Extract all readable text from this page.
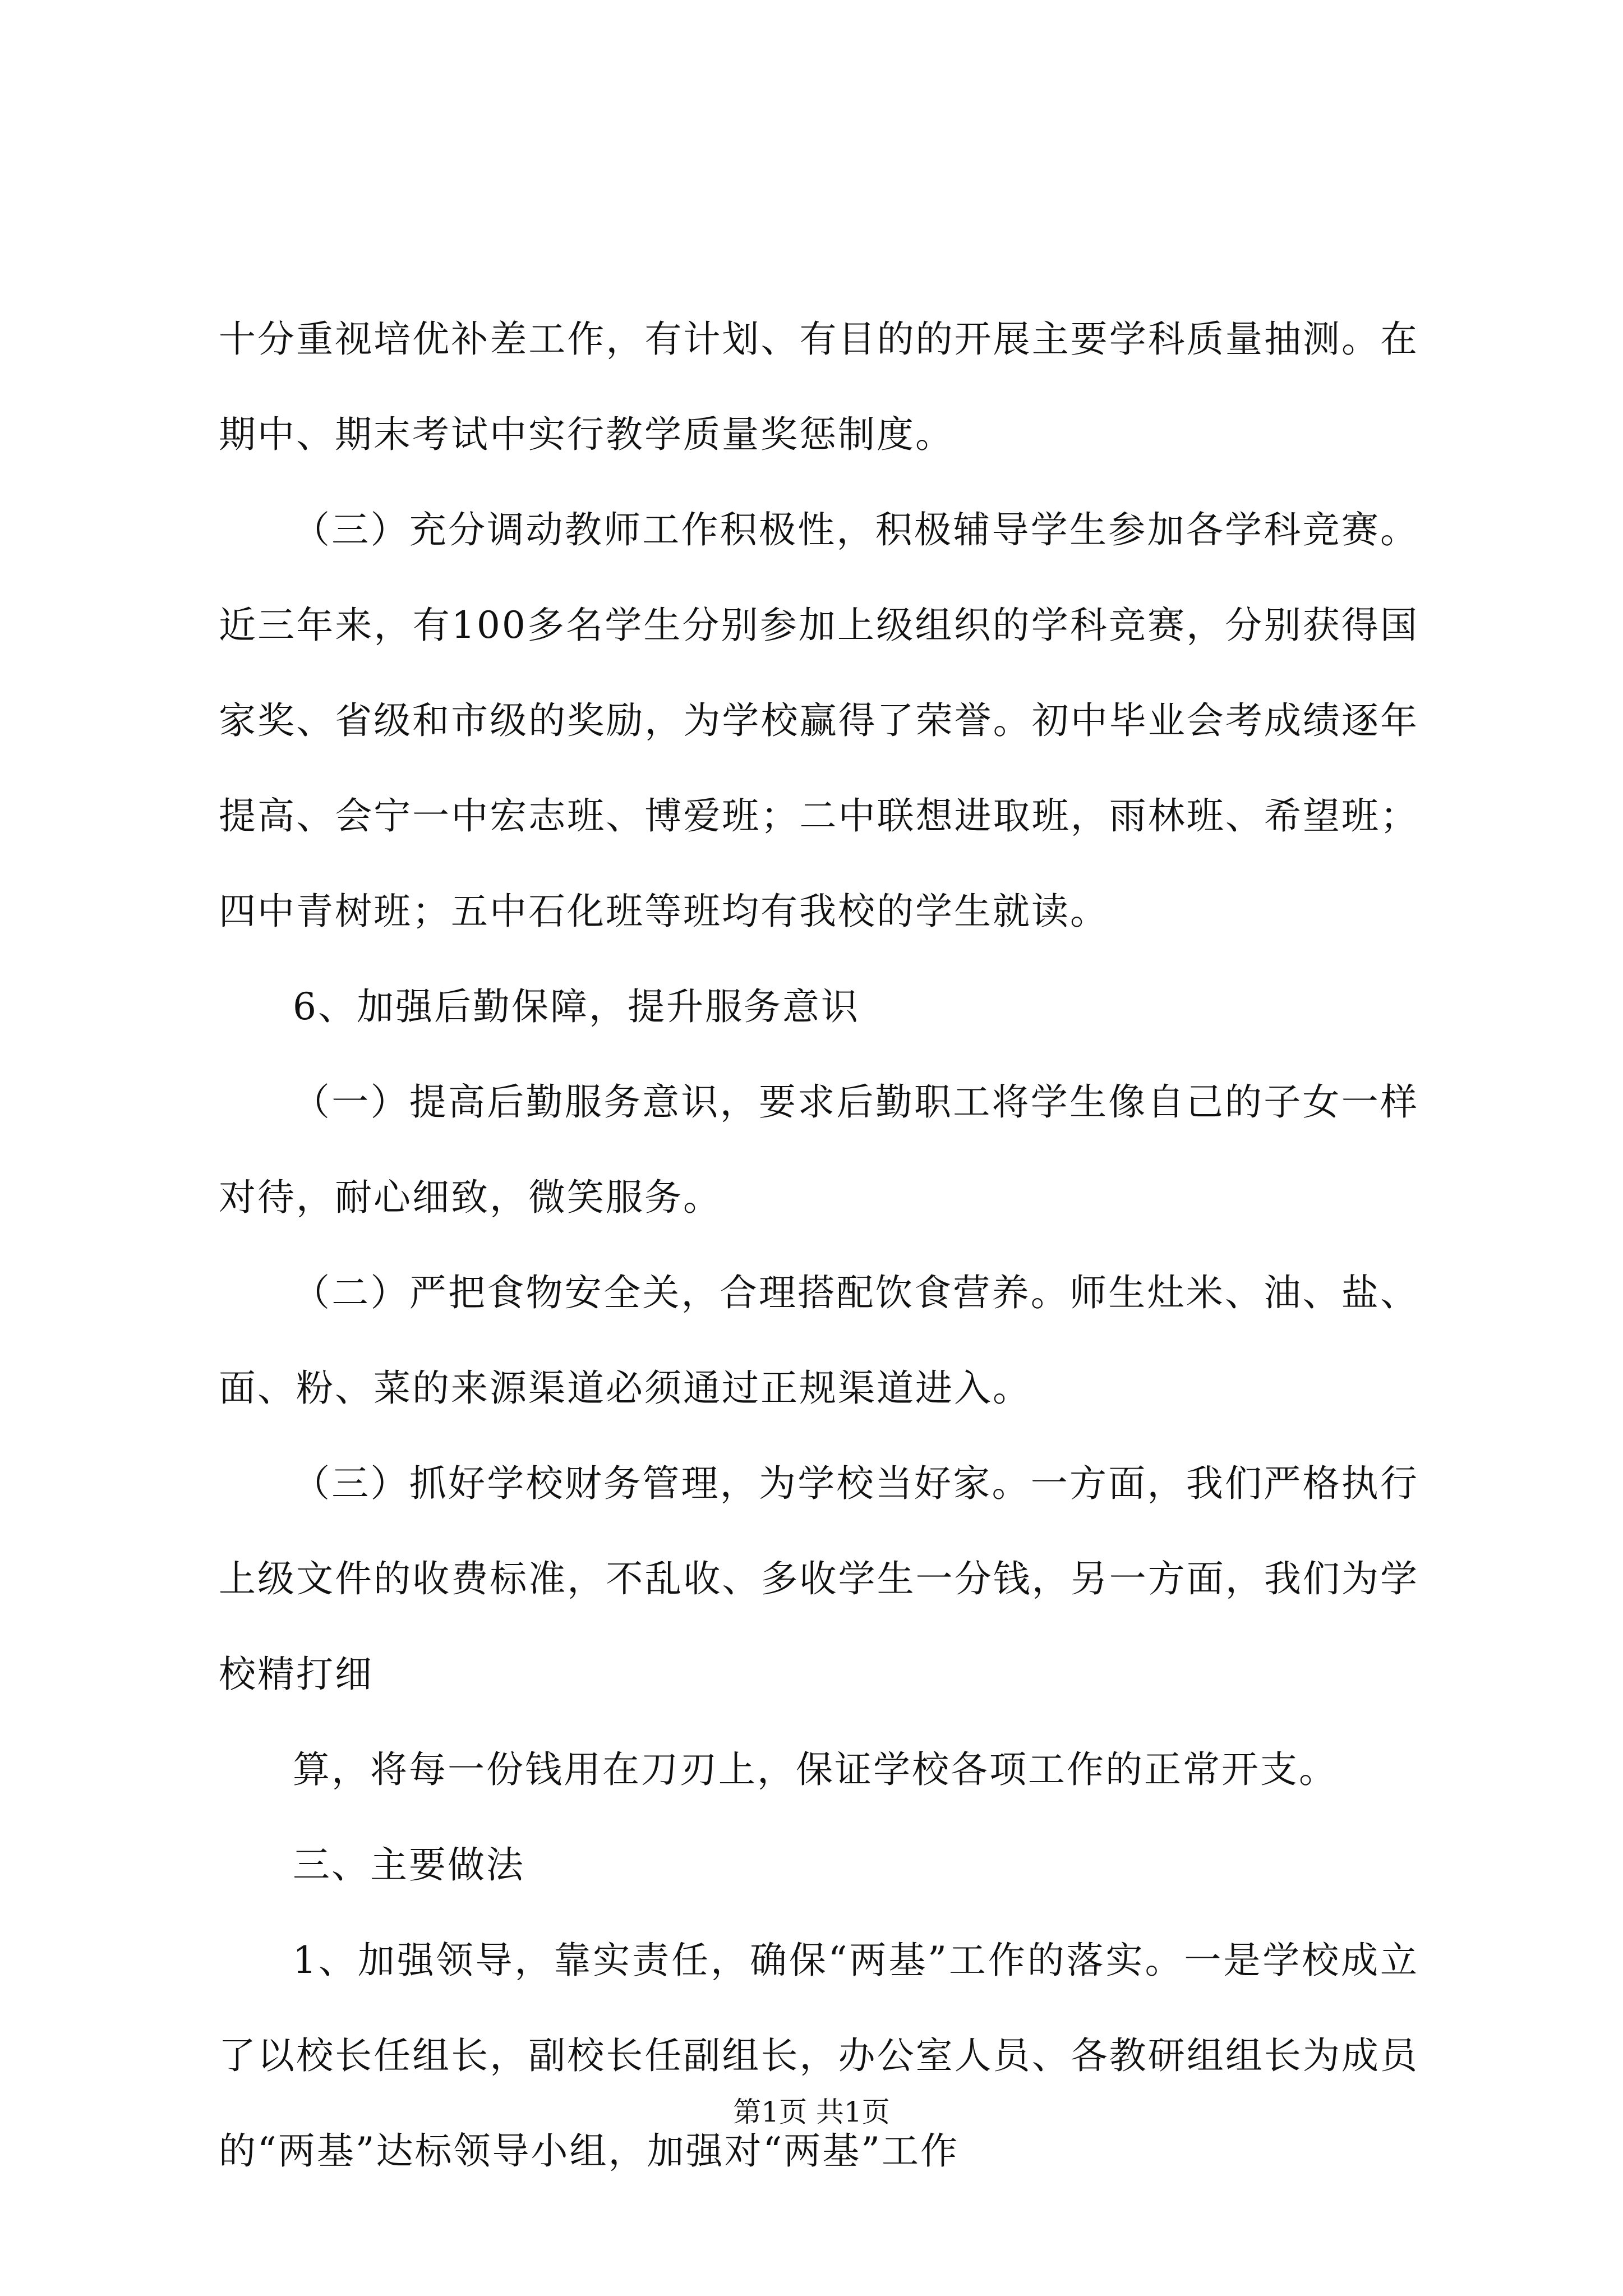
十分重视培优补差工作，有计划、有目的的开展主要学科质量抽测。在期中、期末考试中实行教学质量奖惩制度。

（三）充分调动教师工作积极性，积极辅导学生参加各学科竞赛。近三年来，有100多名学生分别参加上级组织的学科竞赛，分别获得国家奖、省级和市级的奖励，为学校赢得了荣誉。初中毕业会考成绩逐年提高、会宁一中宏志班、博爱班；二中联想进取班，雨林班、希望班；四中青树班；五中石化班等班均有我校的学生就读。

6、加强后勤保障，提升服务意识

（一）提高后勤服务意识，要求后勤职工将学生像自己的子女一样对待，耐心细致，微笑服务。

（二）严把食物安全关，合理搭配饮食营养。师生灶米、油、盐、面、粉、菜的来源渠道必须通过正规渠道进入。

（三）抓好学校财务管理，为学校当好家。一方面，我们严格执行上级文件的收费标准，不乱收、多收学生一分钱，另一方面，我们为学校精打细

算，将每一份钱用在刀刃上，保证学校各项工作的正常开支。

三、主要做法

1、加强领导，靠实责任，确保“两基”工作的落实。一是学校成立了以校长任组长，副校长任副组长，办公室人员、各教研组组长为成员的“两基”达标领导小组，加强对“两基”工作

第1页 共1页
